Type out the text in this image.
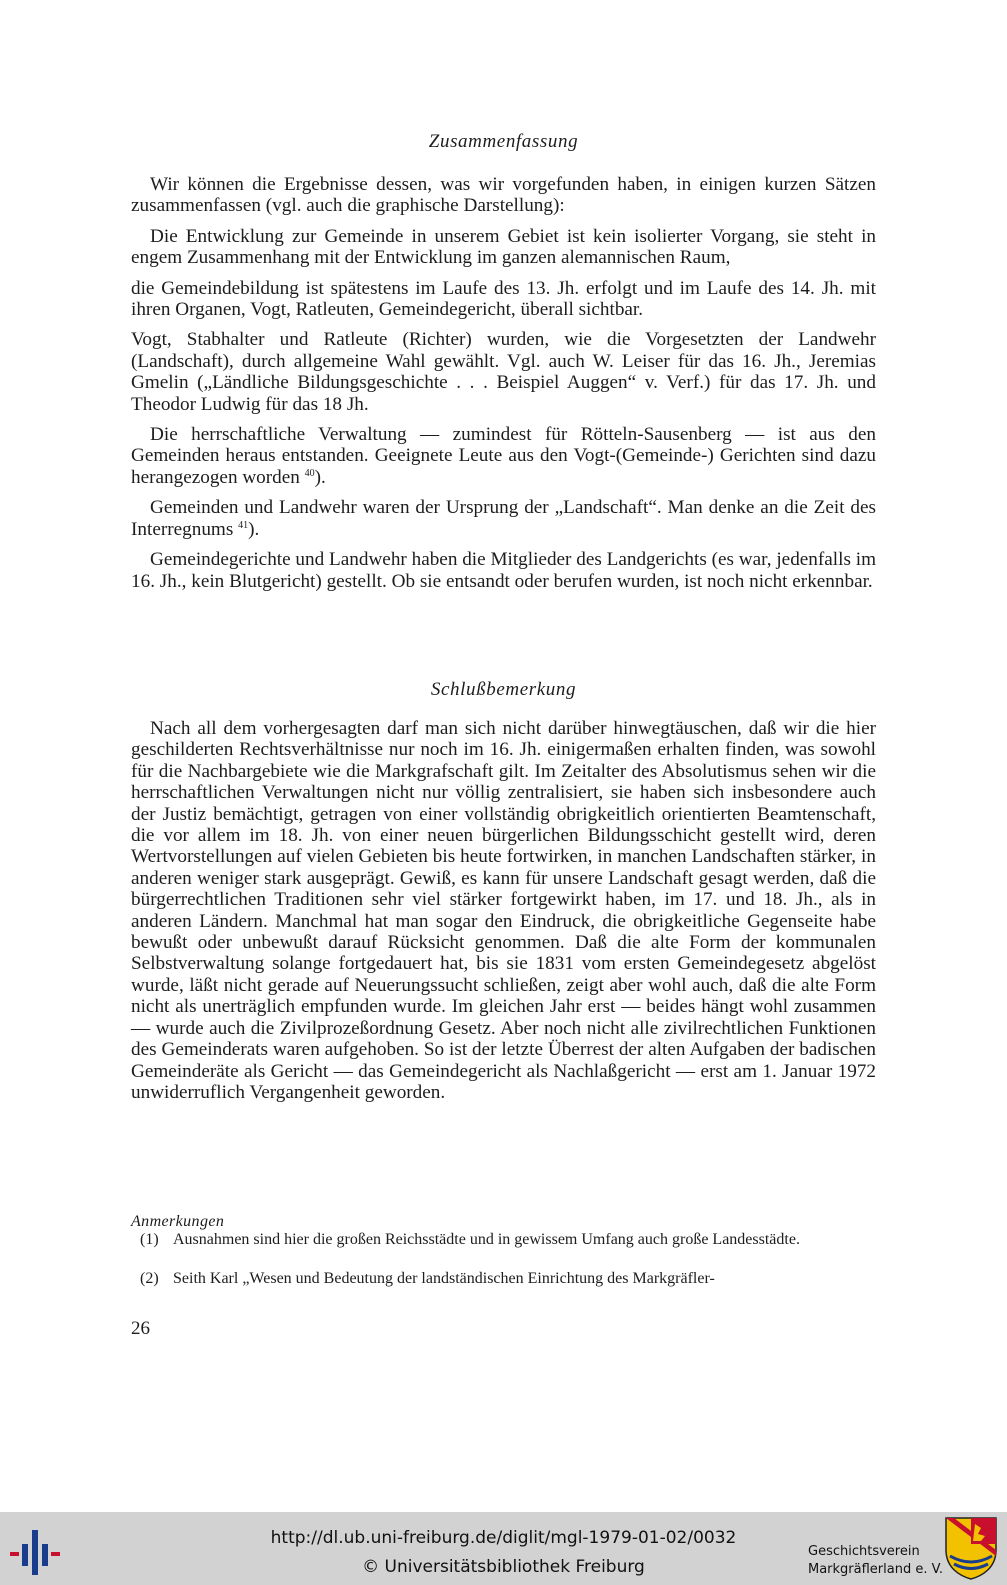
Zusammenfassung

Wir können die Ergebnisse dessen, was wir vorgefunden haben, in einigen kurzen Sätzen zusammenfassen (vgl. auch die graphische Darstellung):

Die Entwicklung zur Gemeinde in unserem Gebiet ist kein isolierter Vorgang, sie steht in engem Zusammenhang mit der Entwicklung im ganzen alemannischen Raum,

die Gemeindebildung ist spätestens im Laufe des 13. Jh. erfolgt und im Laufe des 14. Jh. mit ihren Organen, Vogt, Ratleuten, Gemeindegericht, überall sichtbar.

Vogt, Stabhalter und Ratleute (Richter) wurden, wie die Vorgesetzten der Landwehr (Landschaft), durch allgemeine Wahl gewählt. Vgl. auch W. Leiser für das 16. Jh., Jeremias Gmelin („Ländliche Bildungsgeschichte . . . Beispiel Auggen“ v. Verf.) für das 17. Jh. und Theodor Ludwig für das 18 Jh.

Die herrschaftliche Verwaltung — zumindest für Rötteln-Sausenberg — ist aus den Gemeinden heraus entstanden. Geeignete Leute aus den Vogt-(Gemeinde-) Gerichten sind dazu herangezogen worden $^{40}$).

Gemeinden und Landwehr waren der Ursprung der „Landschaft“. Man denke an die Zeit des Interregnums $^{41}$).

Gemeindegerichte und Landwehr haben die Mitglieder des Landgerichts (es war, jedenfalls im 16. Jh., kein Blutgericht) gestellt. Ob sie entsandt oder berufen wurden, ist noch nicht erkennbar.

Schlußbemerkung

Nach all dem vorhergesagten darf man sich nicht darüber hinwegtäuschen, daß wir die hier geschilderten Rechtsverhältnisse nur noch im 16. Jh. einigermaßen erhalten finden, was sowohl für die Nachbargebiete wie die Markgrafschaft gilt. Im Zeitalter des Absolutismus sehen wir die herrschaftlichen Verwaltungen nicht nur völlig zentralisiert, sie haben sich insbesondere auch der Justiz bemächtigt, getragen von einer vollständig obrigkeitlich orientierten Beamtenschaft, die vor allem im 18. Jh. von einer neuen bürgerlichen Bildungsschicht gestellt wird, deren Wertvorstellungen auf vielen Gebieten bis heute fortwirken, in manchen Landschaften stärker, in anderen weniger stark ausgeprägt. Gewiß, es kann für unsere Landschaft gesagt werden, daß die bürgerrechtlichen Traditionen sehr viel stärker fortgewirkt haben, im 17. und 18. Jh., als in anderen Ländern. Manchmal hat man sogar den Eindruck, die obrigkeitliche Gegenseite habe bewußt oder unbewußt darauf Rücksicht genommen. Daß die alte Form der kommunalen Selbstverwaltung solange fortgedauert hat, bis sie 1831 vom ersten Gemeindegesetz abgelöst wurde, läßt nicht gerade auf Neuerungssucht schließen, zeigt aber wohl auch, daß die alte Form nicht als unerträglich empfunden wurde. Im gleichen Jahr erst — beides hängt wohl zusammen — wurde auch die Zivilprozeßordnung Gesetz. Aber noch nicht alle zivilrechtlichen Funktionen des Gemeinderats waren aufgehoben. So ist der letzte Überrest der alten Aufgaben der badischen Gemeinderäte als Gericht — das Gemeindegericht als Nachlaßgericht — erst am 1. Januar 1972 unwiderruflich Vergangenheit geworden.

Anmerkungen
(1) Ausnahmen sind hier die großen Reichsstädte und in gewissem Umfang auch große Landesstädte.
(2) Seith Karl „Wesen und Bedeutung der landständischen Einrichtung des Markgräfler-
26
http://dl.ub.uni-freiburg.de/diglit/mgl-1979-01-02/0032
© Universitätsbibliothek Freiburg
Geschichtsverein
Markgräflerland e. V.
